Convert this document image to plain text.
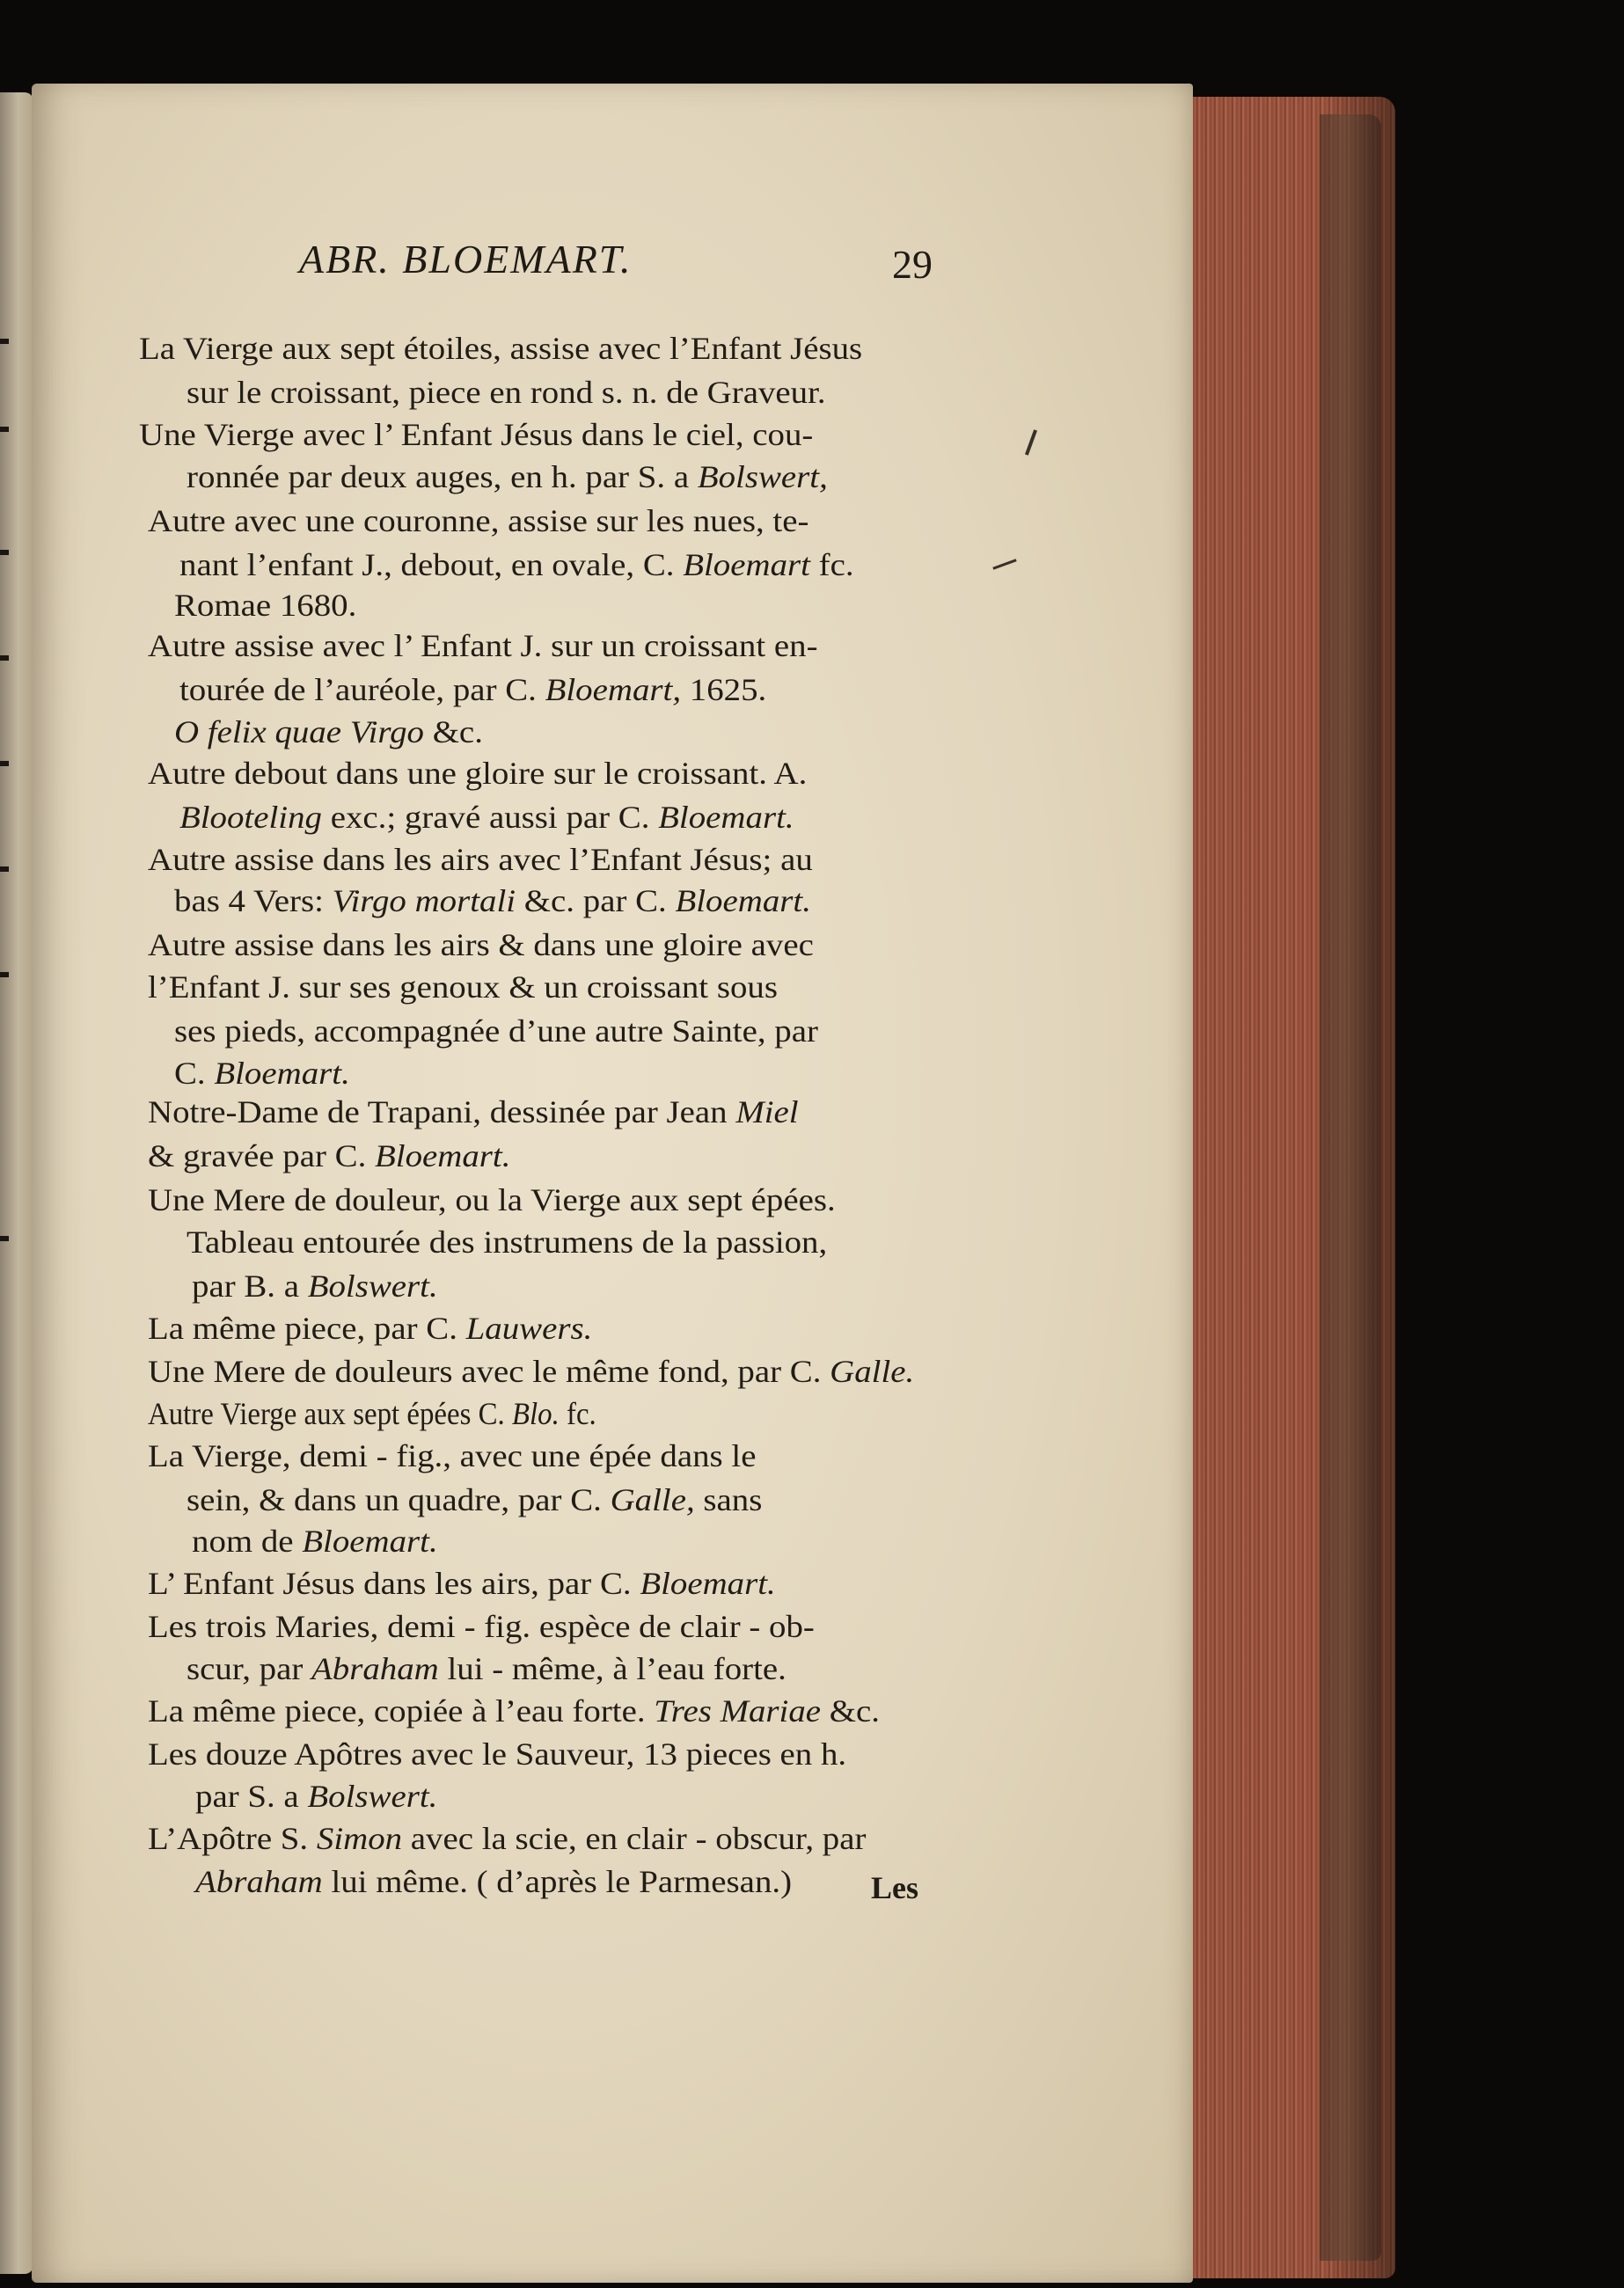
ABR. BLOEMART.	29
La Vierge aux sept étoiles, assise avec l’Enfant Jésus
sur le croissant, piece en rond s. n. de Graveur.
Une Vierge avec l’ Enfant Jésus dans le ciel, cou-
ronnée par deux auges, en h. par S. a Bolswert,
Autre avec une couronne, assise sur les nues, te-
nant l’enfant J., debout, en ovale, C. Bloemart fc.
Romae 1680.
Autre assise avec l’ Enfant J. sur un croissant en-
tourée de l’auréole, par C. Bloemart, 1625.
O felix quae Virgo &c.
Autre debout dans une gloire sur le croissant. A.
Blooteling exc.; gravé aussi par C. Bloemart.
Autre assise dans les airs avec l’Enfant Jésus; au
bas 4 Vers: Virgo mortali &c. par C. Bloemart.
Autre assise dans les airs & dans une gloire avec
l’Enfant J. sur ses genoux & un croissant sous
ses pieds, accompagnée d’une autre Sainte, par
C. Bloemart.
Notre-Dame de Trapani, dessinée par Jean Miel
& gravée par C. Bloemart.
Une Mere de douleur, ou la Vierge aux sept épées.
Tableau entourée des instrumens de la passion,
par B. a Bolswert.
La même piece, par C. Lauwers.
Une Mere de douleurs avec le même fond, par C. Galle.
Autre Vierge aux sept épées C. Blo. fc.
La Vierge, demi - fig., avec une épée dans le
sein, & dans un quadre, par C. Galle, sans
nom de Bloemart.
L’ Enfant Jésus dans les airs, par C. Bloemart.
Les trois Maries, demi - fig. espèce de clair - ob-
scur, par Abraham lui - même, à l’eau forte.
La même piece, copiée à l’eau forte. Tres Mariae &c.
Les douze Apôtres avec le Sauveur, 13 pieces en h.
par S. a Bolswert.
L’Apôtre S. Simon avec la scie, en clair - obscur, par
Abraham lui même. ( d’après le Parmesan.) Les
